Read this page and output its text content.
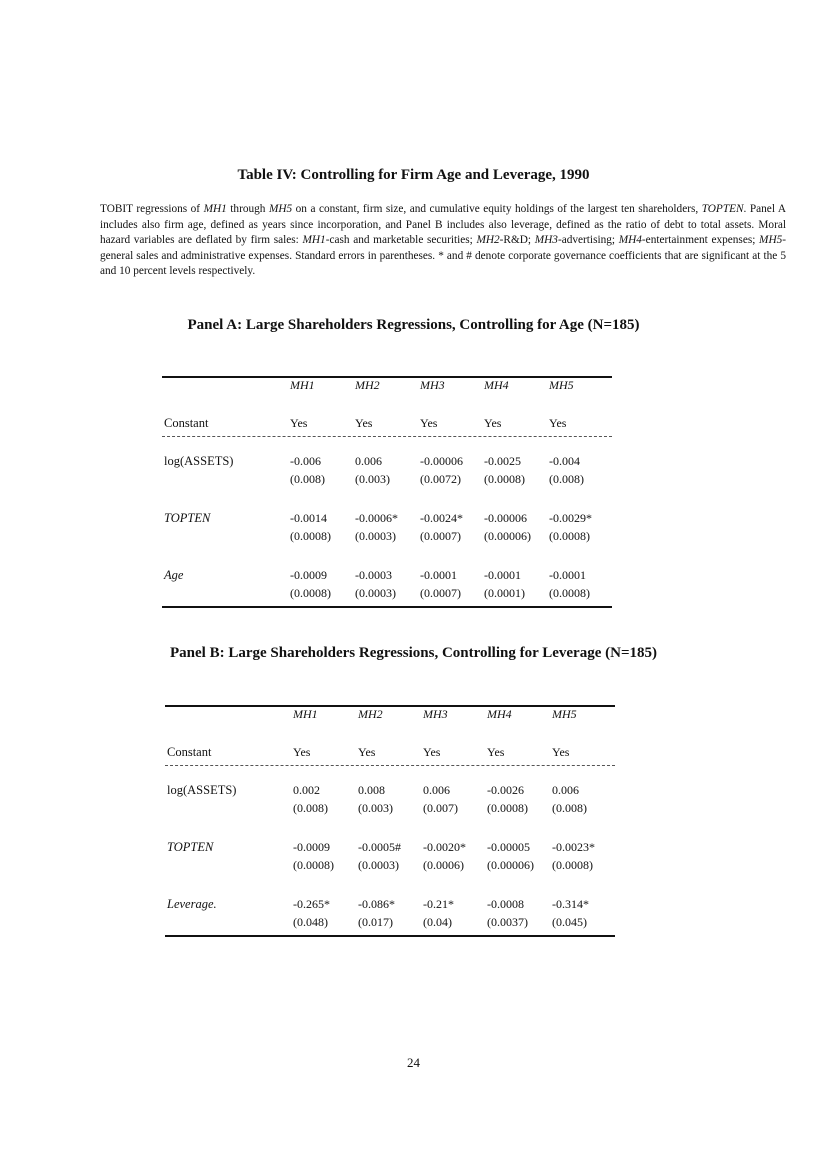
Table IV: Controlling for Firm Age and Leverage, 1990
TOBIT regressions of MH1 through MH5 on a constant, firm size, and cumulative equity holdings of the largest ten shareholders, TOPTEN. Panel A includes also firm age, defined as years since incorporation, and Panel B includes also leverage, defined as the ratio of debt to total assets. Moral hazard variables are deflated by firm sales: MH1-cash and marketable securities; MH2-R&D; MH3-advertising; MH4-entertainment expenses; MH5-general sales and administrative expenses. Standard errors in parentheses. * and # denote corporate governance coefficients that are significant at the 5 and 10 percent levels respectively.
Panel A: Large Shareholders Regressions, Controlling for Age (N=185)
MH1	MH2	MH3	MH4	MH5
Constant	Yes	Yes	Yes	Yes	Yes
log(ASSETS)	-0.006	0.006	-0.00006 -0.0025 -0.004
(0.008)	(0.003)	(0.0072) (0.0008) (0.008)
TOPTEN	-0.0014 -0.0006* -0.0024* -0.00006 -0.0029*
(0.0008) (0.0003) (0.0007) (0.00006) (0.0008)
Age	-0.0009 -0.0003 -0.0001 -0.0001 -0.0001
(0.0008) (0.0003) (0.0007) (0.0001) (0.0008)
Panel B: Large Shareholders Regressions, Controlling for Leverage (N=185)
MH1	MH2	MH3	MH4	MH5
Constant	Yes	Yes	Yes	Yes	Yes
log(ASSETS)	0.002	0.008	0.006	-0.0026 0.006
(0.008)	(0.003)	(0.007) (0.0008) (0.008)
TOPTEN	-0.0009 -0.0005# -0.0020* -0.00005 -0.0023*
(0.0008) (0.0003) (0.0006) (0.00006) (0.0008)
Leverage.	-0.265* -0.086* -0.21*	-0.0008 -0.314*
(0.048)	(0.017)	(0.04)	(0.0037) (0.045)
24
